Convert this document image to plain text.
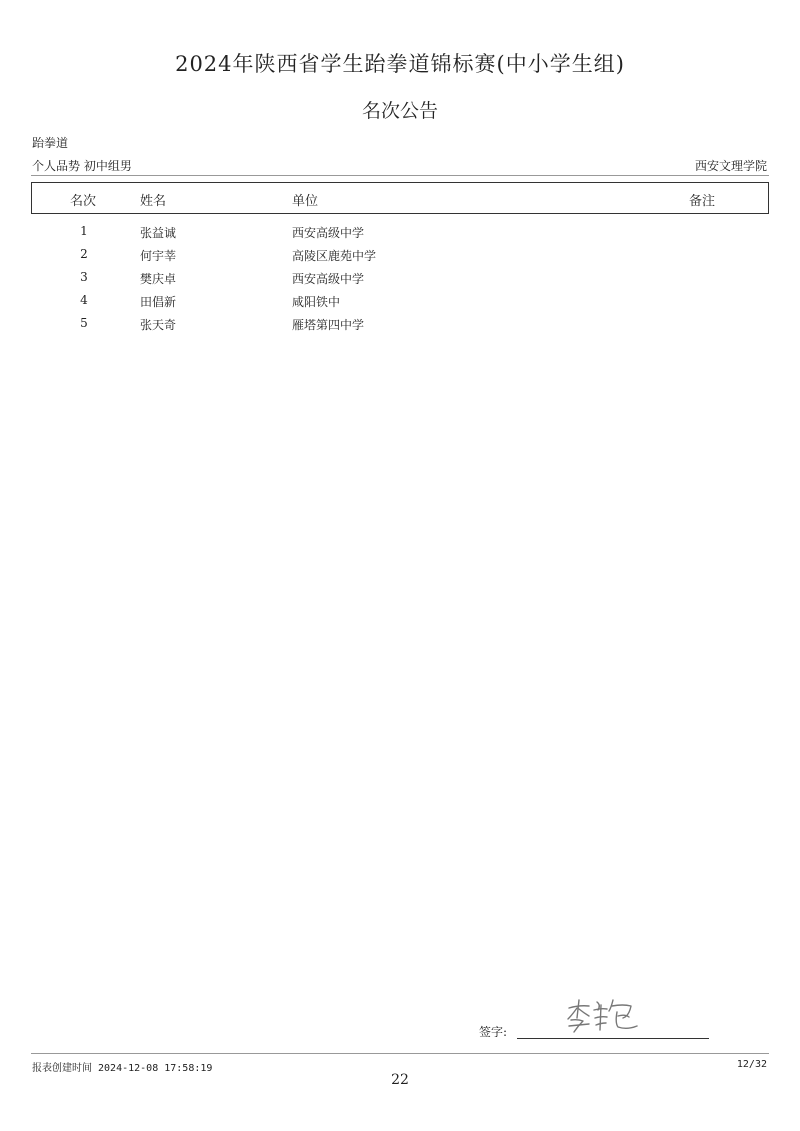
2024年陕西省学生跆拳道锦标赛(中小学生组)
名次公告
跆拳道
个人品势 初中组男	西安文理学院
名次	姓名	单位	备注
1	张益诚	西安高级中学
2	何宇莘	高陵区鹿苑中学
3	樊庆卓	西安高级中学
4	田倡新	咸阳铁中
5	张天奇	雁塔第四中学
签字:
报表创建时间 2024-12-08 17:58:19	12/32
22
